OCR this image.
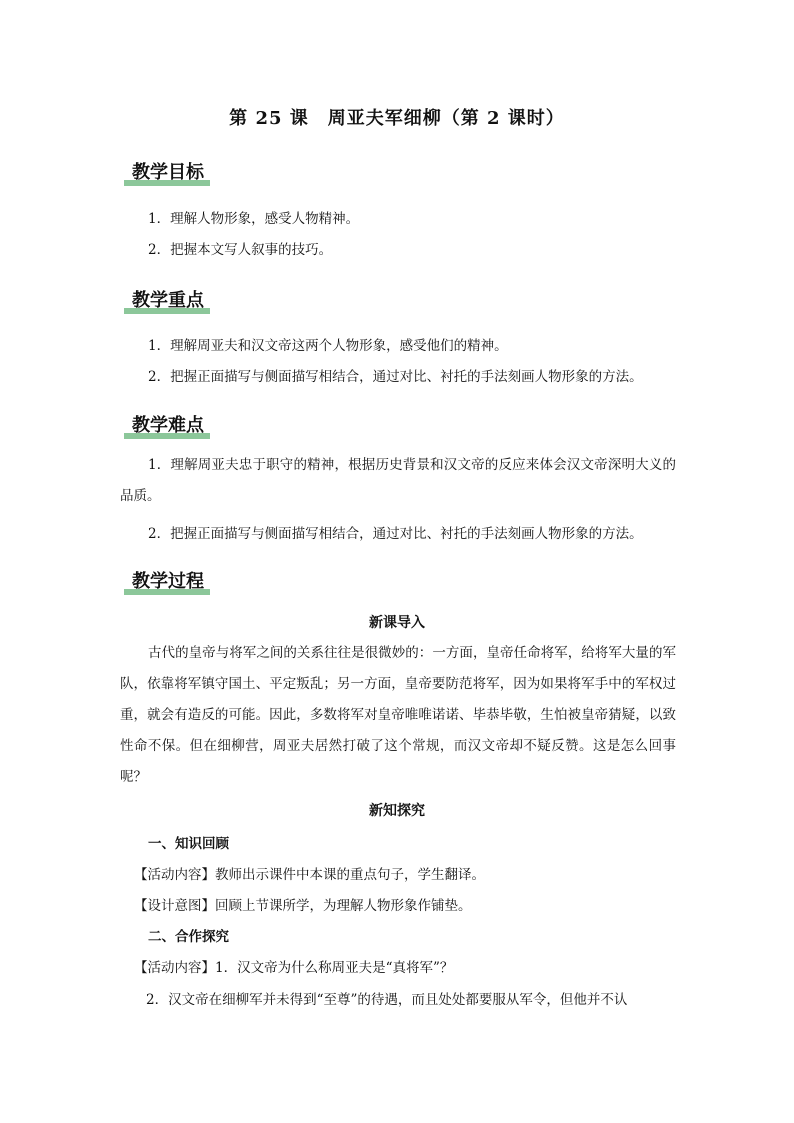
第 25 课　周亚夫军细柳（第 2 课时）
教学目标
1．理解人物形象，感受人物精神。
2．把握本文写人叙事的技巧。
教学重点
1．理解周亚夫和汉文帝这两个人物形象，感受他们的精神。
2．把握正面描写与侧面描写相结合，通过对比、衬托的手法刻画人物形象的方法。
教学难点
1．理解周亚夫忠于职守的精神，根据历史背景和汉文帝的反应来体会汉文帝深明大义的品质。
2．把握正面描写与侧面描写相结合，通过对比、衬托的手法刻画人物形象的方法。
教学过程
新课导入
古代的皇帝与将军之间的关系往往是很微妙的：一方面，皇帝任命将军，给将军大量的军队，依靠将军镇守国土、平定叛乱；另一方面，皇帝要防范将军，因为如果将军手中的军权过重，就会有造反的可能。因此，多数将军对皇帝唯唯诺诺、毕恭毕敬，生怕被皇帝猜疑，以致性命不保。但在细柳营，周亚夫居然打破了这个常规，而汉文帝却不疑反赞。这是怎么回事呢？
新知探究
一、知识回顾
【活动内容】教师出示课件中本课的重点句子，学生翻译。
【设计意图】回顾上节课所学，为理解人物形象作铺垫。
二、合作探究
【活动内容】1．汉文帝为什么称周亚夫是“真将军”？
2．汉文帝在细柳军并未得到“至尊”的待遇，而且处处都要服从军令，但他并不认
